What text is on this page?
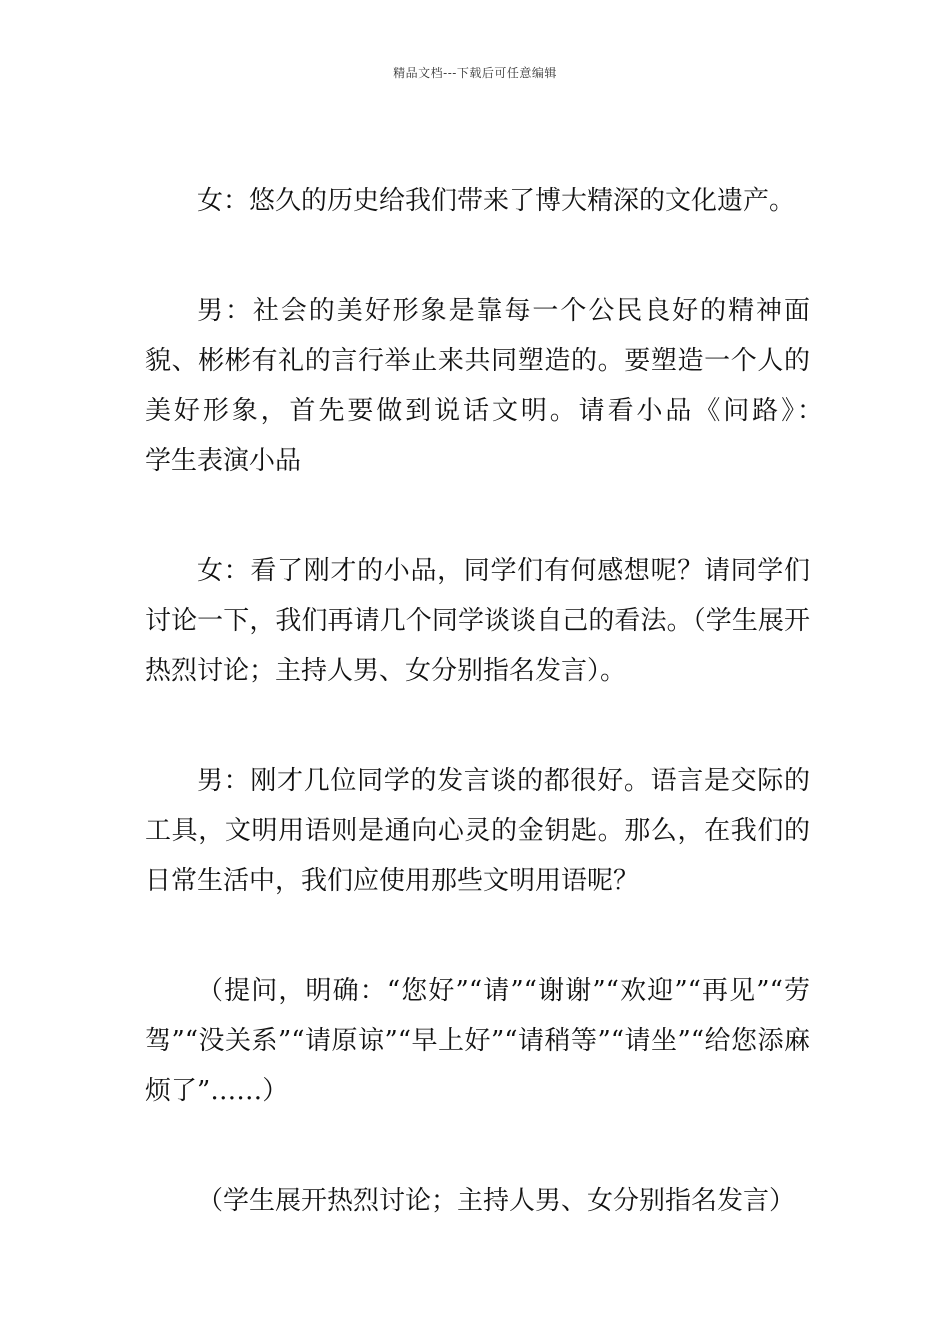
精品文档---下载后可任意编辑

女：悠久的历史给我们带来了博大精深的文化遗产。

男：社会的美好形象是靠每一个公民良好的精神面貌、彬彬有礼的言行举止来共同塑造的。要塑造一个人的美好形象，首先要做到说话文明。请看小品《问路》：　　　学生表演小品

女：看了刚才的小品，同学们有何感想呢？请同学们讨论一下，我们再请几个同学谈谈自己的看法。（学生展开热烈讨论；主持人男、女分别指名发言）。

男：刚才几位同学的发言谈的都很好。语言是交际的工具，文明用语则是通向心灵的金钥匙。那么，在我们的日常生活中，我们应使用那些文明用语呢？

（提问，明确：“您好”“请”“谢谢”“欢迎”“再见”“劳驾”“没关系”“请原谅”“早上好”“请稍等”“请坐”“给您添麻烦了”……）

（学生展开热烈讨论；主持人男、女分别指名发言）
